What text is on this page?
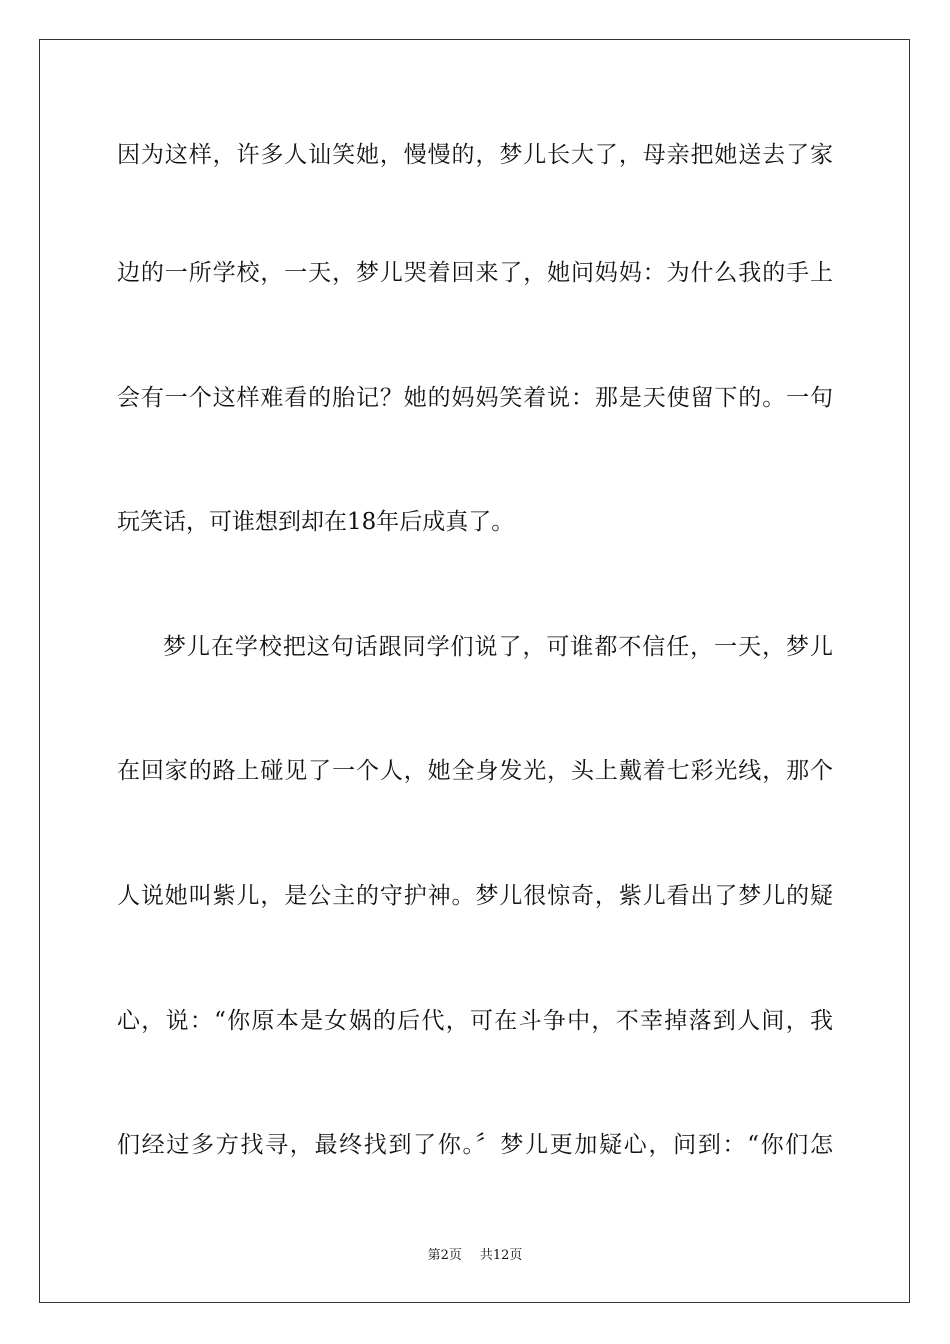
因为这样，许多人讪笑她，慢慢的，梦儿长大了，母亲把她送去了家
边的一所学校，一天，梦儿哭着回来了，她问妈妈：为什么我的手上
会有一个这样难看的胎记？她的妈妈笑着说：那是天使留下的。一句
玩笑话，可谁想到却在18年后成真了。
梦儿在学校把这句话跟同学们说了，可谁都不信任，一天，梦儿
在回家的路上碰见了一个人，她全身发光，头上戴着七彩光线，那个
人说她叫紫儿，是公主的守护神。梦儿很惊奇，紫儿看出了梦儿的疑
心，说：“你原本是女娲的后代，可在斗争中，不幸掉落到人间，我
们经过多方找寻，最终找到了你。〞梦儿更加疑心，问到：“你们怎
第2页 共12页
